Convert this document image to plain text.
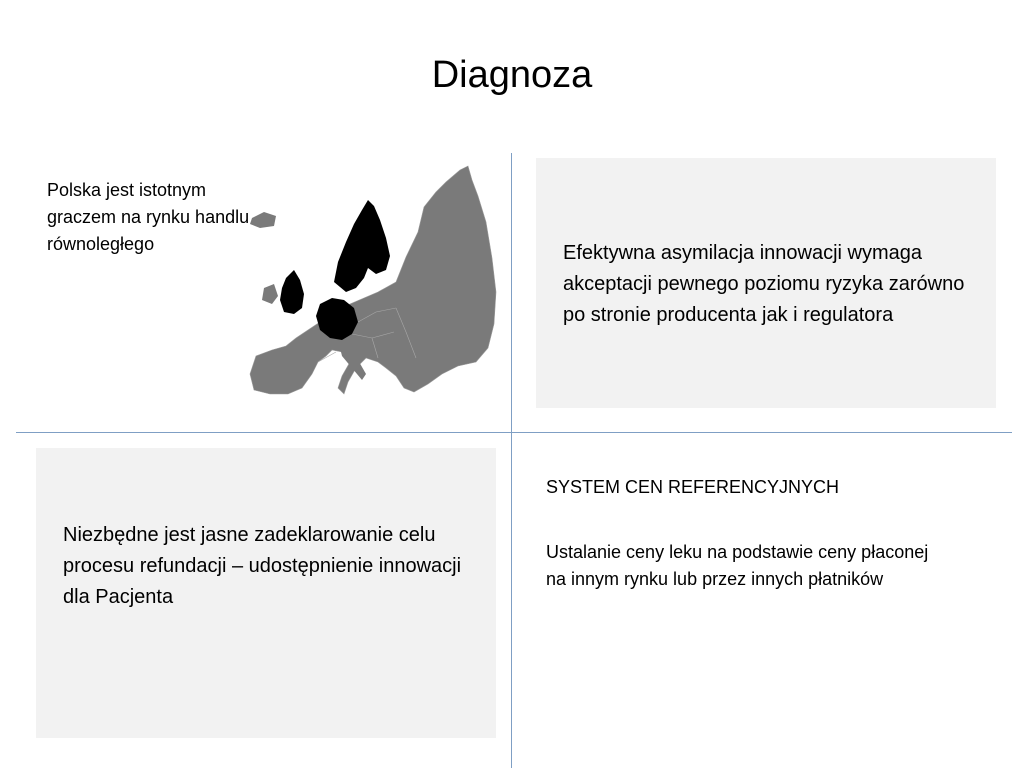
Diagnoza
Polska jest istotnym graczem na rynku handlu równoległego	Efektywna asymilacja innowacji wymaga akceptacji pewnego poziomu ryzyka zarówno po stronie producenta jak i regulatora
Niezbędne jest jasne zadeklarowanie celu procesu refundacji – udostępnienie innowacji dla Pacjenta
SYSTEM CEN REFERENCYJNYCH
Ustalanie ceny leku na podstawie ceny płaconej na innym rynku lub przez innych płatników
